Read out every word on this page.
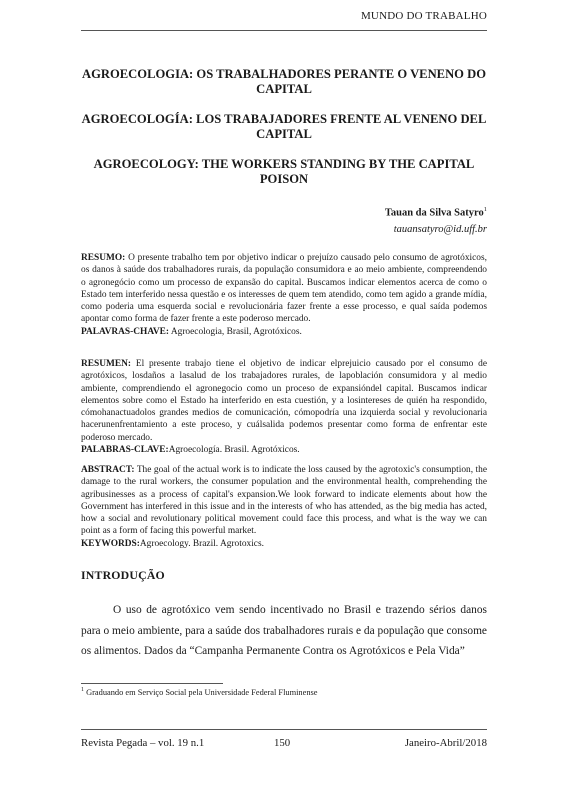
MUNDO DO TRABALHO
AGROECOLOGIA: OS TRABALHADORES PERANTE O VENENO DO CAPITAL
AGROECOLOGÍA: LOS TRABAJADORES FRENTE AL VENENO DEL CAPITAL
AGROECOLOGY: THE WORKERS STANDING BY THE CAPITAL POISON
Tauan da Silva Satyro$^1$
tauansatyro@id.uff.br
RESUMO: O presente trabalho tem por objetivo indicar o prejuízo causado pelo consumo de agrotóxicos, os danos à saúde dos trabalhadores rurais, da população consumidora e ao meio ambiente, compreendendo o agronegócio como um processo de expansão do capital. Buscamos indicar elementos acerca de como o Estado tem interferido nessa questão e os interesses de quem tem atendido, como tem agido a grande mídia, como poderia uma esquerda social e revolucionária fazer frente a esse processo, e qual saída podemos apontar como forma de fazer frente a este poderoso mercado.
PALAVRAS-CHAVE: Agroecologia, Brasil, Agrotóxicos.
RESUMEN: El presente trabajo tiene el objetivo de indicar elprejuicio causado por el consumo de agrotóxicos, losdaños a lasalud de los trabajadores rurales, de lapoblación consumidora y al medio ambiente, comprendiendo el agronegocio como un proceso de expansióndel capital. Buscamos indicar elementos sobre como el Estado ha interferido en esta cuestión, y a losintereses de quién ha respondido, cómohanactuadolos grandes medios de comunicación, cómopodría una izquierda social y revolucionaria hacerunenfrentamiento a este proceso, y cuálsalida podemos presentar como forma de enfrentar este poderoso mercado.
PALABRAS-CLAVE:Agroecología. Brasil. Agrotóxicos.
ABSTRACT: The goal of the actual work is to indicate the loss caused by the agrotoxic's consumption, the damage to the rural workers, the consumer population and the environmental health, comprehending the agribusinesses as a process of capital's expansion.We look forward to indicate elements about how the Government has interfered in this issue and in the interests of who has attended, as the big media has acted, how a social and revolutionary political movement could face this process, and what is the way we can point as a form of facing this powerful market.
KEYWORDS:Agroecology. Brazil. Agrotoxics.
INTRODUÇÃO
O uso de agrotóxico vem sendo incentivado no Brasil e trazendo sérios danos para o meio ambiente, para a saúde dos trabalhadores rurais e da população que consome os alimentos. Dados da “Campanha Permanente Contra os Agrotóxicos e Pela Vida”
$^1$ Graduando em Serviço Social pela Universidade Federal Fluminense
Revista Pegada – vol. 19 n.1	150	Janeiro-Abril/2018
